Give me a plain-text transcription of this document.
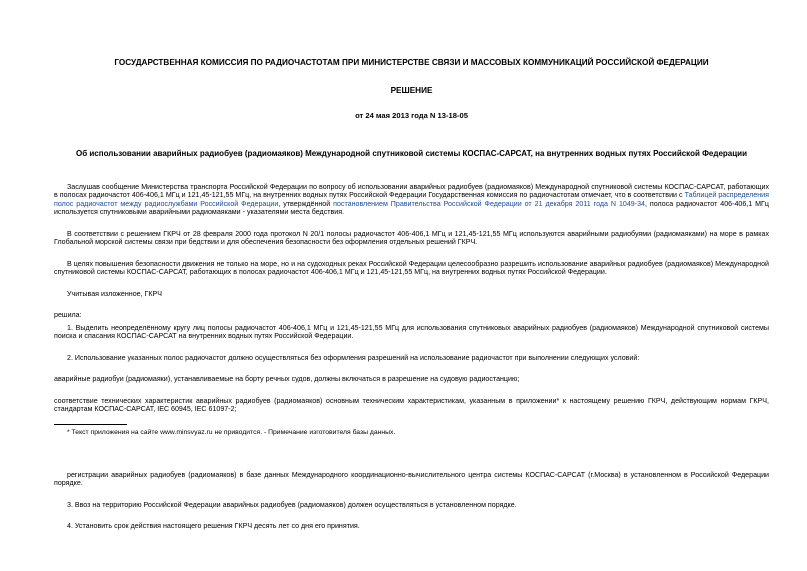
ГОСУДАРСТВЕННАЯ КОМИССИЯ ПО РАДИОЧАСТОТАМ ПРИ МИНИСТЕРСТВЕ СВЯЗИ И МАССОВЫХ КОММУНИКАЦИЙ РОССИЙСКОЙ ФЕДЕРАЦИИ
РЕШЕНИЕ
от 24 мая 2013 года N 13-18-05
Об использовании аварийных радиобуев (радиомаяков) Международной спутниковой системы КОСПАС-САРСАТ, на внутренних водных путях Российской Федерации

Заслушав сообщение Министерства транспорта Российской Федерации по вопросу об использовании аварийных радиобуев (радиомаяков) Международной спутниковой системы КОСПАС-САРСАТ, работающих в полосах радиочастот 406-406,1 МГц и 121,45-121,55 МГц, на внутренних водных путях Российской Федерации Государственная комиссия по радиочастотам отмечает, что в соответствии с Таблицей распределения полос радиочастот между радиослужбами Российской Федерации, утверждённой постановлением Правительства Российской Федерации от 21 декабря 2011 года N 1049-34, полоса радиочастот 406-406,1 МГц используется спутниковыми аварийными радиомаяками - указателями места бедствия.

В соответствии с решением ГКРЧ от 28 февраля 2000 года протокол N 20/1 полосы радиочастот 406-406,1 МГц и 121,45-121,55 МГц используются аварийными радиобуями (радиомаяками) на море в рамках Глобальной морской системы связи при бедствии и для обеспечения безопасности без оформления отдельных решений ГКРЧ.

В целях повышения безопасности движения не только на море, но и на судоходных реках Российской Федерации целесообразно разрешить использование аварийных радиобуев (радиомаяков) Международной спутниковой системы КОСПАС-САРСАТ, работающих в полосах радиочастот 406-406,1 МГц и 121,45-121,55 МГц, на внутренних водных путях Российской Федерации.

Учитывая изложенное, ГКРЧ

решила:

1. Выделить неопределённому кругу лиц полосы радиочастот 406-406,1 МГц и 121,45-121,55 МГц для использования спутниковых аварийных радиобуев (радиомаяков) Международной спутниковой системы поиска и спасания КОСПАС-САРСАТ на внутренних водных путях Российской Федерации.

2. Использование указанных полос радиочастот должно осуществляться без оформления разрешений на использование радиочастот при выполнении следующих условий:

аварийные радиобуи (радиомаяки), устанавливаемые на борту речных судов, должны включаться в разрешение на судовую радиостанцию;

соответствие технических характеристик аварийных радиобуев (радиомаяков) основным техническим характеристикам, указанным в приложении* к настоящему решению ГКРЧ, действующим нормам ГКРЧ, стандартам КОСПАС-САРСАТ, IEC 60945, IEC 61097-2;

* Текст приложения на сайте www.minsvyaz.ru не приводится. - Примечание изготовителя базы данных.

регистрации аварийных радиобуев (радиомаяков) в базе данных Международного координационно-вычислительного центра системы КОСПАС-САРСАТ (г.Москва) в установленном в Российской Федерации порядке.

3. Ввоз на территорию Российской Федерации аварийных радиобуев (радиомаяков) должен осуществляться в установленном порядке.

4. Установить срок действия настоящего решения ГКРЧ десять лет со дня его принятия.
